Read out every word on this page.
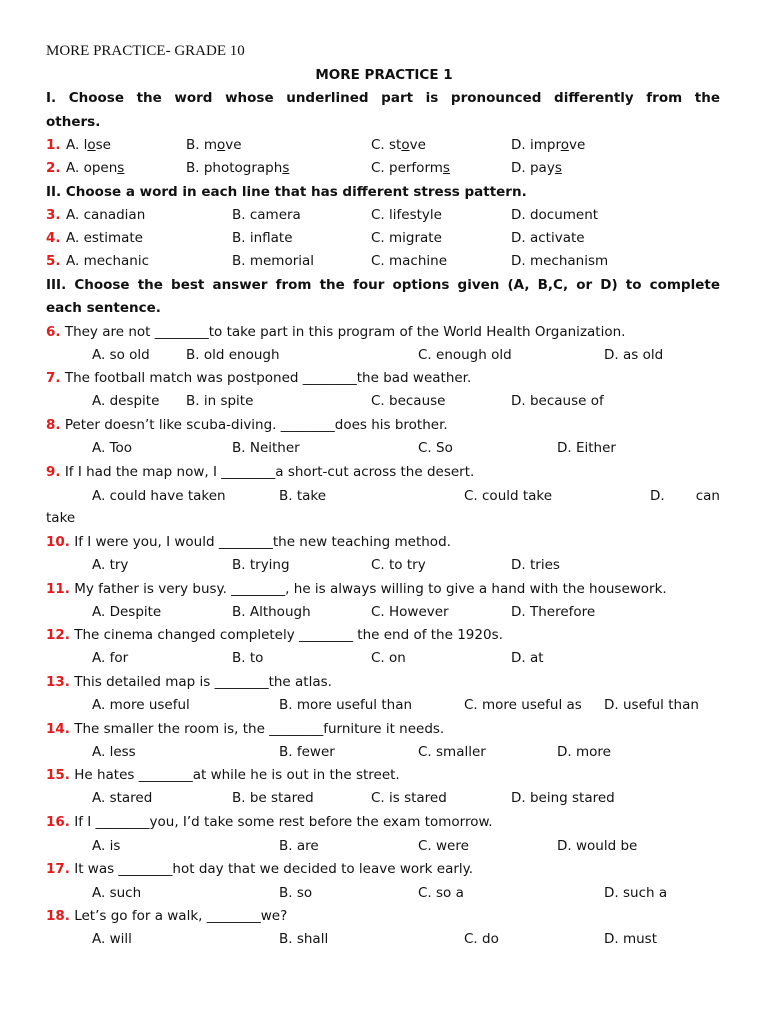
MORE PRACTICE- GRADE 10
MORE PRACTICE 1
I. Choose the word whose underlined part is pronounced differently from the
others.
1. A. lose	B. move	C. stove	D. improve
2. A. opens	B. photographs	C. performs	D. pays
II. Choose a word in each line that has different stress pattern.
3. A. canadian	B. camera	C. lifestyle	D. document
4. A. estimate	B. inflate	C. migrate	D. activate
5. A. mechanic	B. memorial	C. machine	D. mechanism
III. Choose the best answer from the four options given (A, B,C, or D) to complete
each sentence.
6. They are not ________to take part in this program of the World Health Organization.
A. so old	B. old enough	C. enough old	D. as old
7. The football match was postponed ________the bad weather.
A. despite B. in spite	C. because	D. because of
8. Peter doesn’t like scuba-diving. ________does his brother.
A. Too	B. Neither	C. So	D. Either
9. If I had the map now, I ________a short-cut across the desert.
A. could have taken	B. take	C. could take	D. can
take
10. If I were you, I would ________the new teaching method.
A. try	B. trying	C. to try	D. tries
11. My father is very busy. ________, he is always willing to give a hand with the housework.
A. Despite	B. Although	C. However	D. Therefore
12. The cinema changed completely ________ the end of the 1920s.
A. for	B. to	C. on	D. at
13. This detailed map is ________the atlas.
A. more useful	B. more useful than	C. more useful as D. useful than
14. The smaller the room is, the ________furniture it needs.
A. less	B. fewer	C. smaller	D. more
15. He hates ________at while he is out in the street.
A. stared	B. be stared	C. is stared	D. being stared
16. If I ________you, I’d take some rest before the exam tomorrow.
A. is	B. are	C. were	D. would be
17. It was ________hot day that we decided to leave work early.
A. such	B. so	C. so a	D. such a
18. Let’s go for a walk, ________we?
A. will	B. shall	C. do	D. must
